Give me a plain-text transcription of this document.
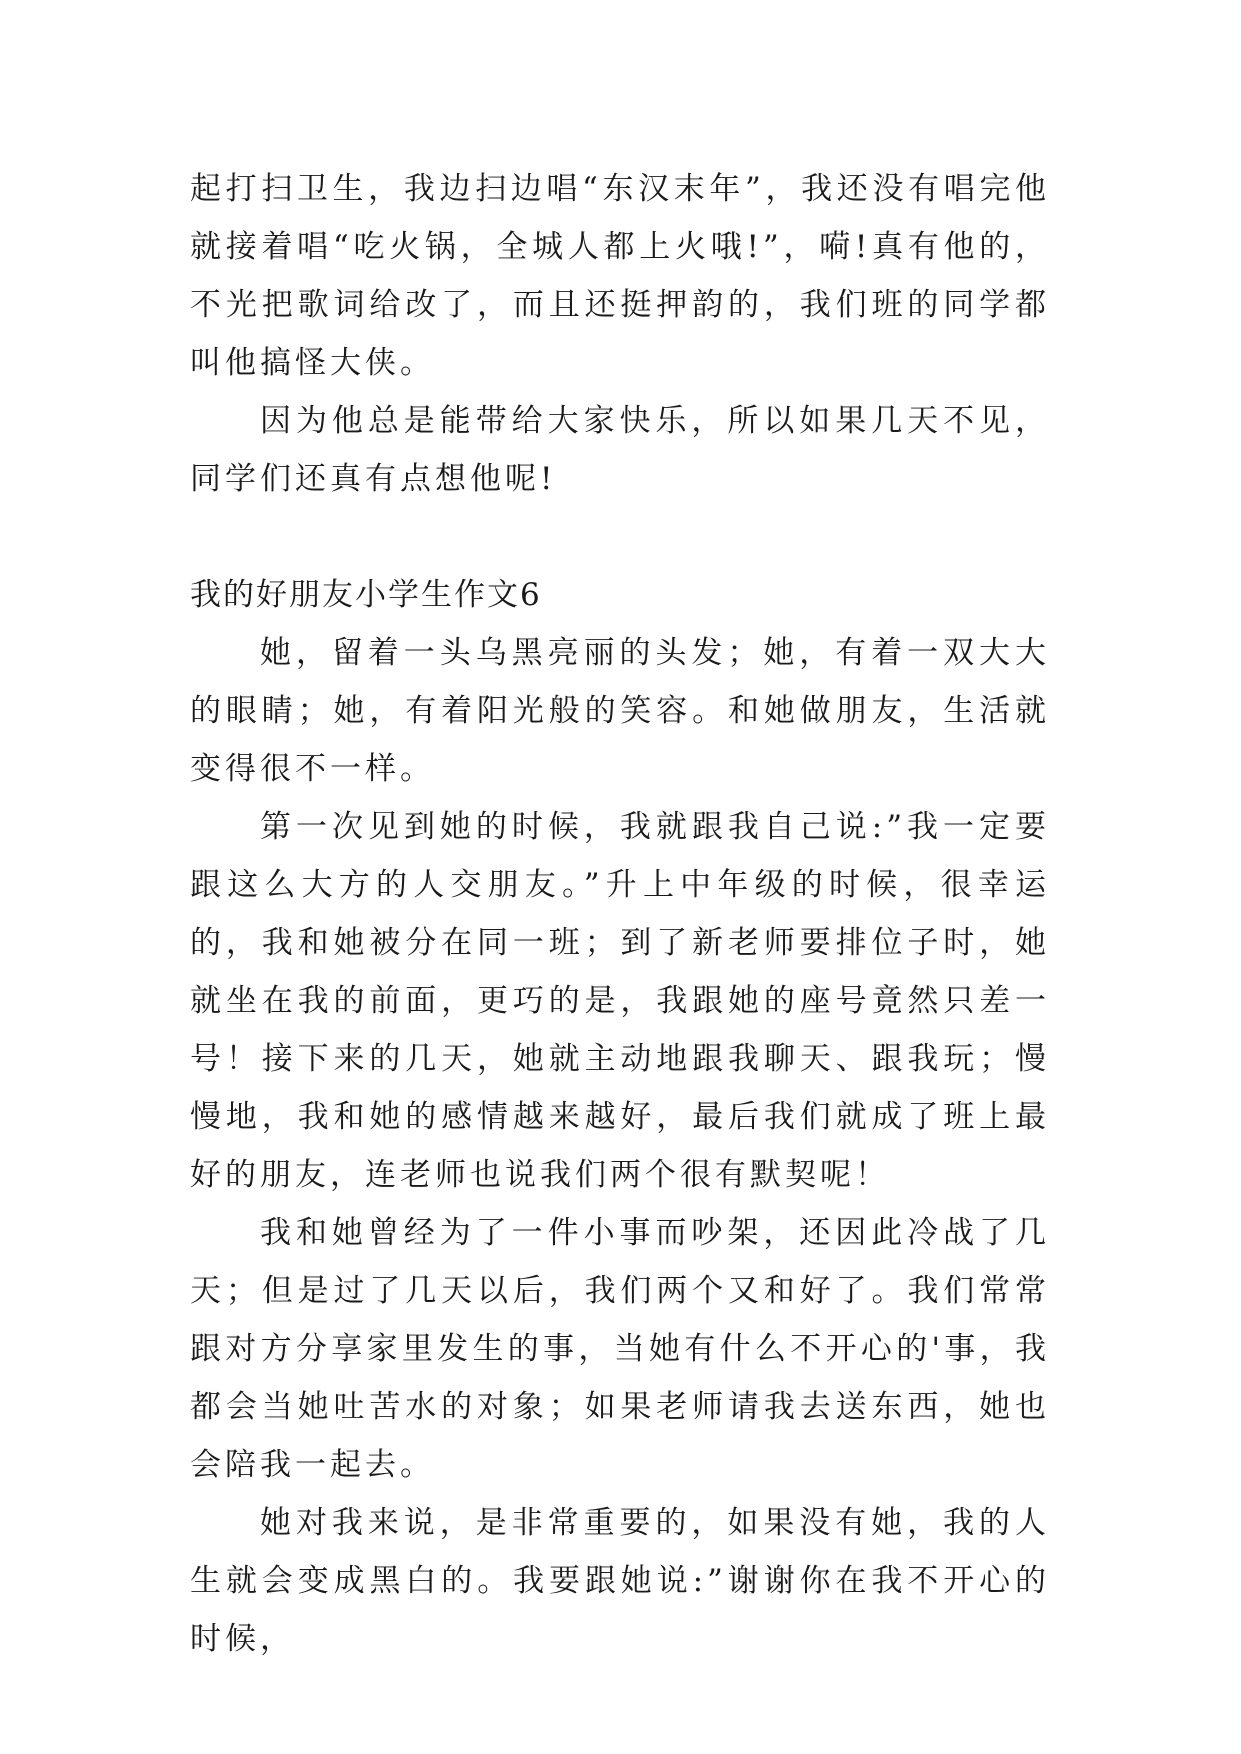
起打扫卫生，我边扫边唱“东汉末年”，我还没有唱完他就接着唱“吃火锅，全城人都上火哦!”，嗬!真有他的，不光把歌词给改了，而且还挺押韵的，我们班的同学都叫他搞怪大侠。

因为他总是能带给大家快乐，所以如果几天不见，同学们还真有点想他呢!

我的好朋友小学生作文6

她，留着一头乌黑亮丽的头发；她，有着一双大大的眼睛；她，有着阳光般的笑容。和她做朋友，生活就变得很不一样。

第一次见到她的时候，我就跟我自己说:”我一定要跟这么大方的人交朋友。”升上中年级的时候，很幸运的，我和她被分在同一班；到了新老师要排位子时，她就坐在我的前面，更巧的是，我跟她的座号竟然只差一号！接下来的几天，她就主动地跟我聊天、跟我玩；慢慢地，我和她的感情越来越好，最后我们就成了班上最好的朋友，连老师也说我们两个很有默契呢！

我和她曾经为了一件小事而吵架，还因此冷战了几天；但是过了几天以后，我们两个又和好了。我们常常跟对方分享家里发生的事，当她有什么不开心的'事，我都会当她吐苦水的对象；如果老师请我去送东西，她也会陪我一起去。

她对我来说，是非常重要的，如果没有她，我的人生就会变成黑白的。我要跟她说:”谢谢你在我不开心的时候，
